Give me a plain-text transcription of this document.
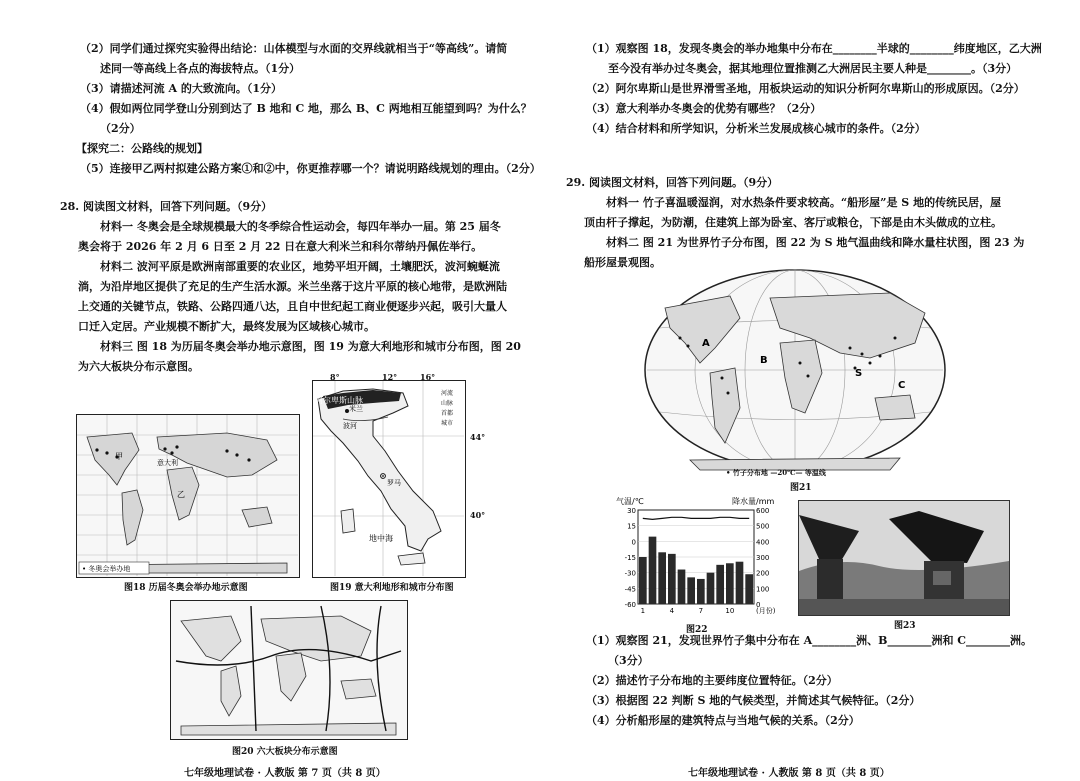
（2）同学们通过探究实验得出结论：山体模型与水面的交界线就相当于“等高线”。请简
述同一等高线上各点的海拔特点。（1分）
（3）请描述河流 A 的大致流向。（1分）
（4）假如两位同学登山分别到达了 B 地和 C 地，那么 B、C 两地相互能望到吗？为什么？
（2分）
【探究二：公路线的规划】
（5）连接甲乙两村拟建公路方案①和②中，你更推荐哪一个？请说明路线规划的理由。（2分）
28. 阅读图文材料，回答下列问题。（9分）
材料一 冬奥会是全球规模最大的冬季综合性运动会，每四年举办一届。第 25 届冬
奥会将于 2026 年 2 月 6 日至 2 月 22 日在意大利米兰和科尔蒂纳丹佩佐举行。
材料二 波河平原是欧洲南部重要的农业区，地势平坦开阔，土壤肥沃，波河蜿蜒流
淌，为沿岸地区提供了充足的生产生活水源。米兰坐落于这片平原的核心地带，是欧洲陆
上交通的关键节点，铁路、公路四通八达，且自中世纪起工商业便逐步兴起，吸引大量人
口迁入定居。产业规模不断扩大，最终发展为区域核心城市。
材料三 图 18 为历届冬奥会举办地示意图，图 19 为意大利地形和城市分布图，图 20
为六大板块分布示意图。
甲
意大利
乙
• 冬奥会举办地
图18 历届冬奥会举办地示意图
阿尔卑斯山脉
米兰
波河
罗马
地中海
河流
山脉
首都
城市
8°	12°	16°
44°
40°
图19 意大利地形和城市分布图
图20 六大板块分布示意图
七年级地理试卷 · 人教版 第 7 页（共 8 页）
（1）观察图 18，发现冬奥会的举办地集中分布在________半球的________纬度地区，乙大洲
至今没有举办过冬奥会，据其地理位置推测乙大洲居民主要人种是________。（3分）
（2）阿尔卑斯山是世界滑雪圣地，用板块运动的知识分析阿尔卑斯山的形成原因。（2分）
（3）意大利举办冬奥会的优势有哪些？（2分）
（4）结合材料和所学知识，分析米兰发展成核心城市的条件。（2分）
29. 阅读图文材料，回答下列问题。（9分）
材料一 竹子喜温暖湿润，对水热条件要求较高。“船形屋”是 S 地的传统民居，屋
顶由杆子撑起，为防潮，住建筑上部为卧室、客厅或粮仓，下部是由木头做成的立柱。
材料二 图 21 为世界竹子分布图，图 22 为 S 地气温曲线和降水量柱状图，图 23 为
船形屋景观图。
A
B
S
C
• 竹子分布地 —20℃— 等温线
图21
气温/℃	降水量/mm
30
15
0
-15
-30
-45
-60
600
500
400
300
200
100
0
1	4	7	10	(月份)
图22	图23
（1）观察图 21，发现世界竹子集中分布在 A________洲、B________洲和 C________洲。
（3分）
（2）描述竹子分布地的主要纬度位置特征。（2分）
（3）根据图 22 判断 S 地的气候类型，并简述其气候特征。（2分）
（4）分析船形屋的建筑特点与当地气候的关系。（2分）
七年级地理试卷 · 人教版 第 8 页（共 8 页）
